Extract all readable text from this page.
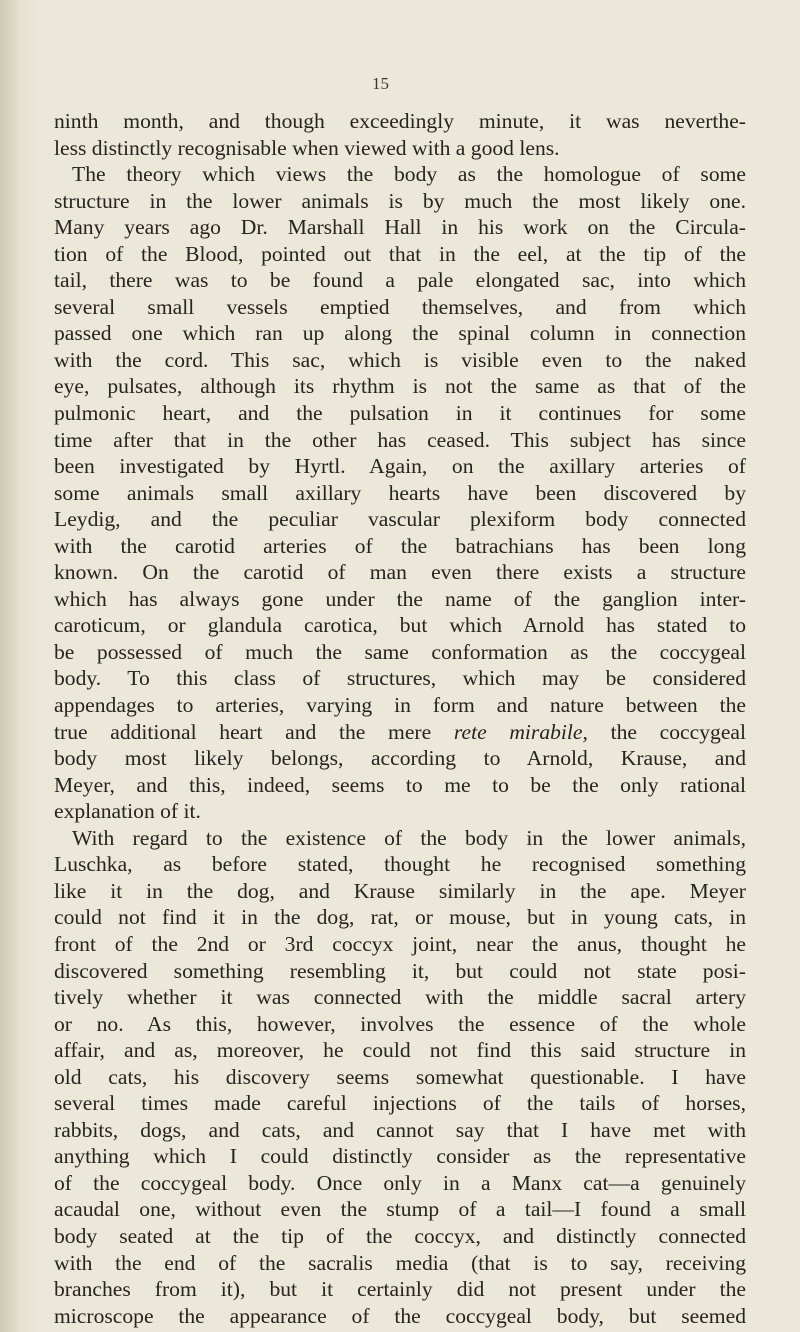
15
ninth month, and though exceedingly minute, it was neverthe-
less distinctly recognisable when viewed with a good lens.
The theory which views the body as the homologue of some
structure in the lower animals is by much the most likely one.
Many years ago Dr. Marshall Hall in his work on the Circula-
tion of the Blood, pointed out that in the eel, at the tip of the
tail, there was to be found a pale elongated sac, into which
several small vessels emptied themselves, and from which
passed one which ran up along the spinal column in connection
with the cord. This sac, which is visible even to the naked
eye, pulsates, although its rhythm is not the same as that of the
pulmonic heart, and the pulsation in it continues for some
time after that in the other has ceased. This subject has since
been investigated by Hyrtl. Again, on the axillary arteries of
some animals small axillary hearts have been discovered by
Leydig, and the peculiar vascular plexiform body connected
with the carotid arteries of the batrachians has been long
known. On the carotid of man even there exists a structure
which has always gone under the name of the ganglion inter-
caroticum, or glandula carotica, but which Arnold has stated to
be possessed of much the same conformation as the coccygeal
body. To this class of structures, which may be considered
appendages to arteries, varying in form and nature between the
true additional heart and the mere rete mirabile, the coccygeal
body most likely belongs, according to Arnold, Krause, and
Meyer, and this, indeed, seems to me to be the only rational
explanation of it.
With regard to the existence of the body in the lower animals,
Luschka, as before stated, thought he recognised something
like it in the dog, and Krause similarly in the ape. Meyer
could not find it in the dog, rat, or mouse, but in young cats, in
front of the 2nd or 3rd coccyx joint, near the anus, thought he
discovered something resembling it, but could not state posi-
tively whether it was connected with the middle sacral artery
or no. As this, however, involves the essence of the whole
affair, and as, moreover, he could not find this said structure in
old cats, his discovery seems somewhat questionable. I have
several times made careful injections of the tails of horses,
rabbits, dogs, and cats, and cannot say that I have met with
anything which I could distinctly consider as the representative
of the coccygeal body. Once only in a Manx cat—a genuinely
acaudal one, without even the stump of a tail—I found a small
body seated at the tip of the coccyx, and distinctly connected
with the end of the sacralis media (that is to say, receiving
branches from it), but it certainly did not present under the
microscope the appearance of the coccygeal body, but seemed
